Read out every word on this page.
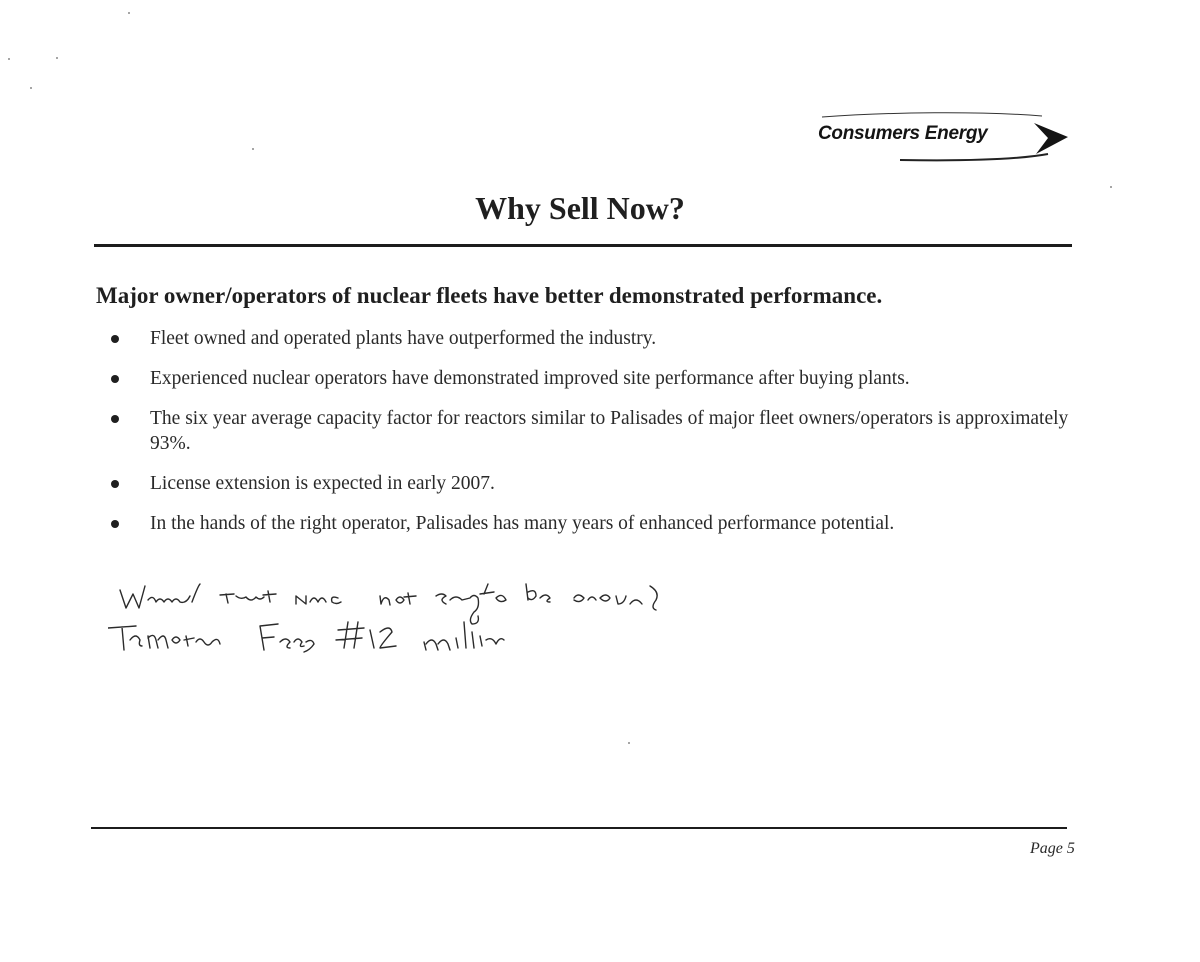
Consumers Energy
Why Sell Now?
Major owner/operators of nuclear fleets have better demonstrated performance.
Fleet owned and operated plants have outperformed the industry.
Experienced nuclear operators have demonstrated improved site performance after buying plants.
The six year average capacity factor for reactors similar to Palisades of major fleet owners/operators is approximately 93%.
License extension is expected in early 2007.
In the hands of the right operator, Palisades has many years of enhanced performance potential.
Page 5
